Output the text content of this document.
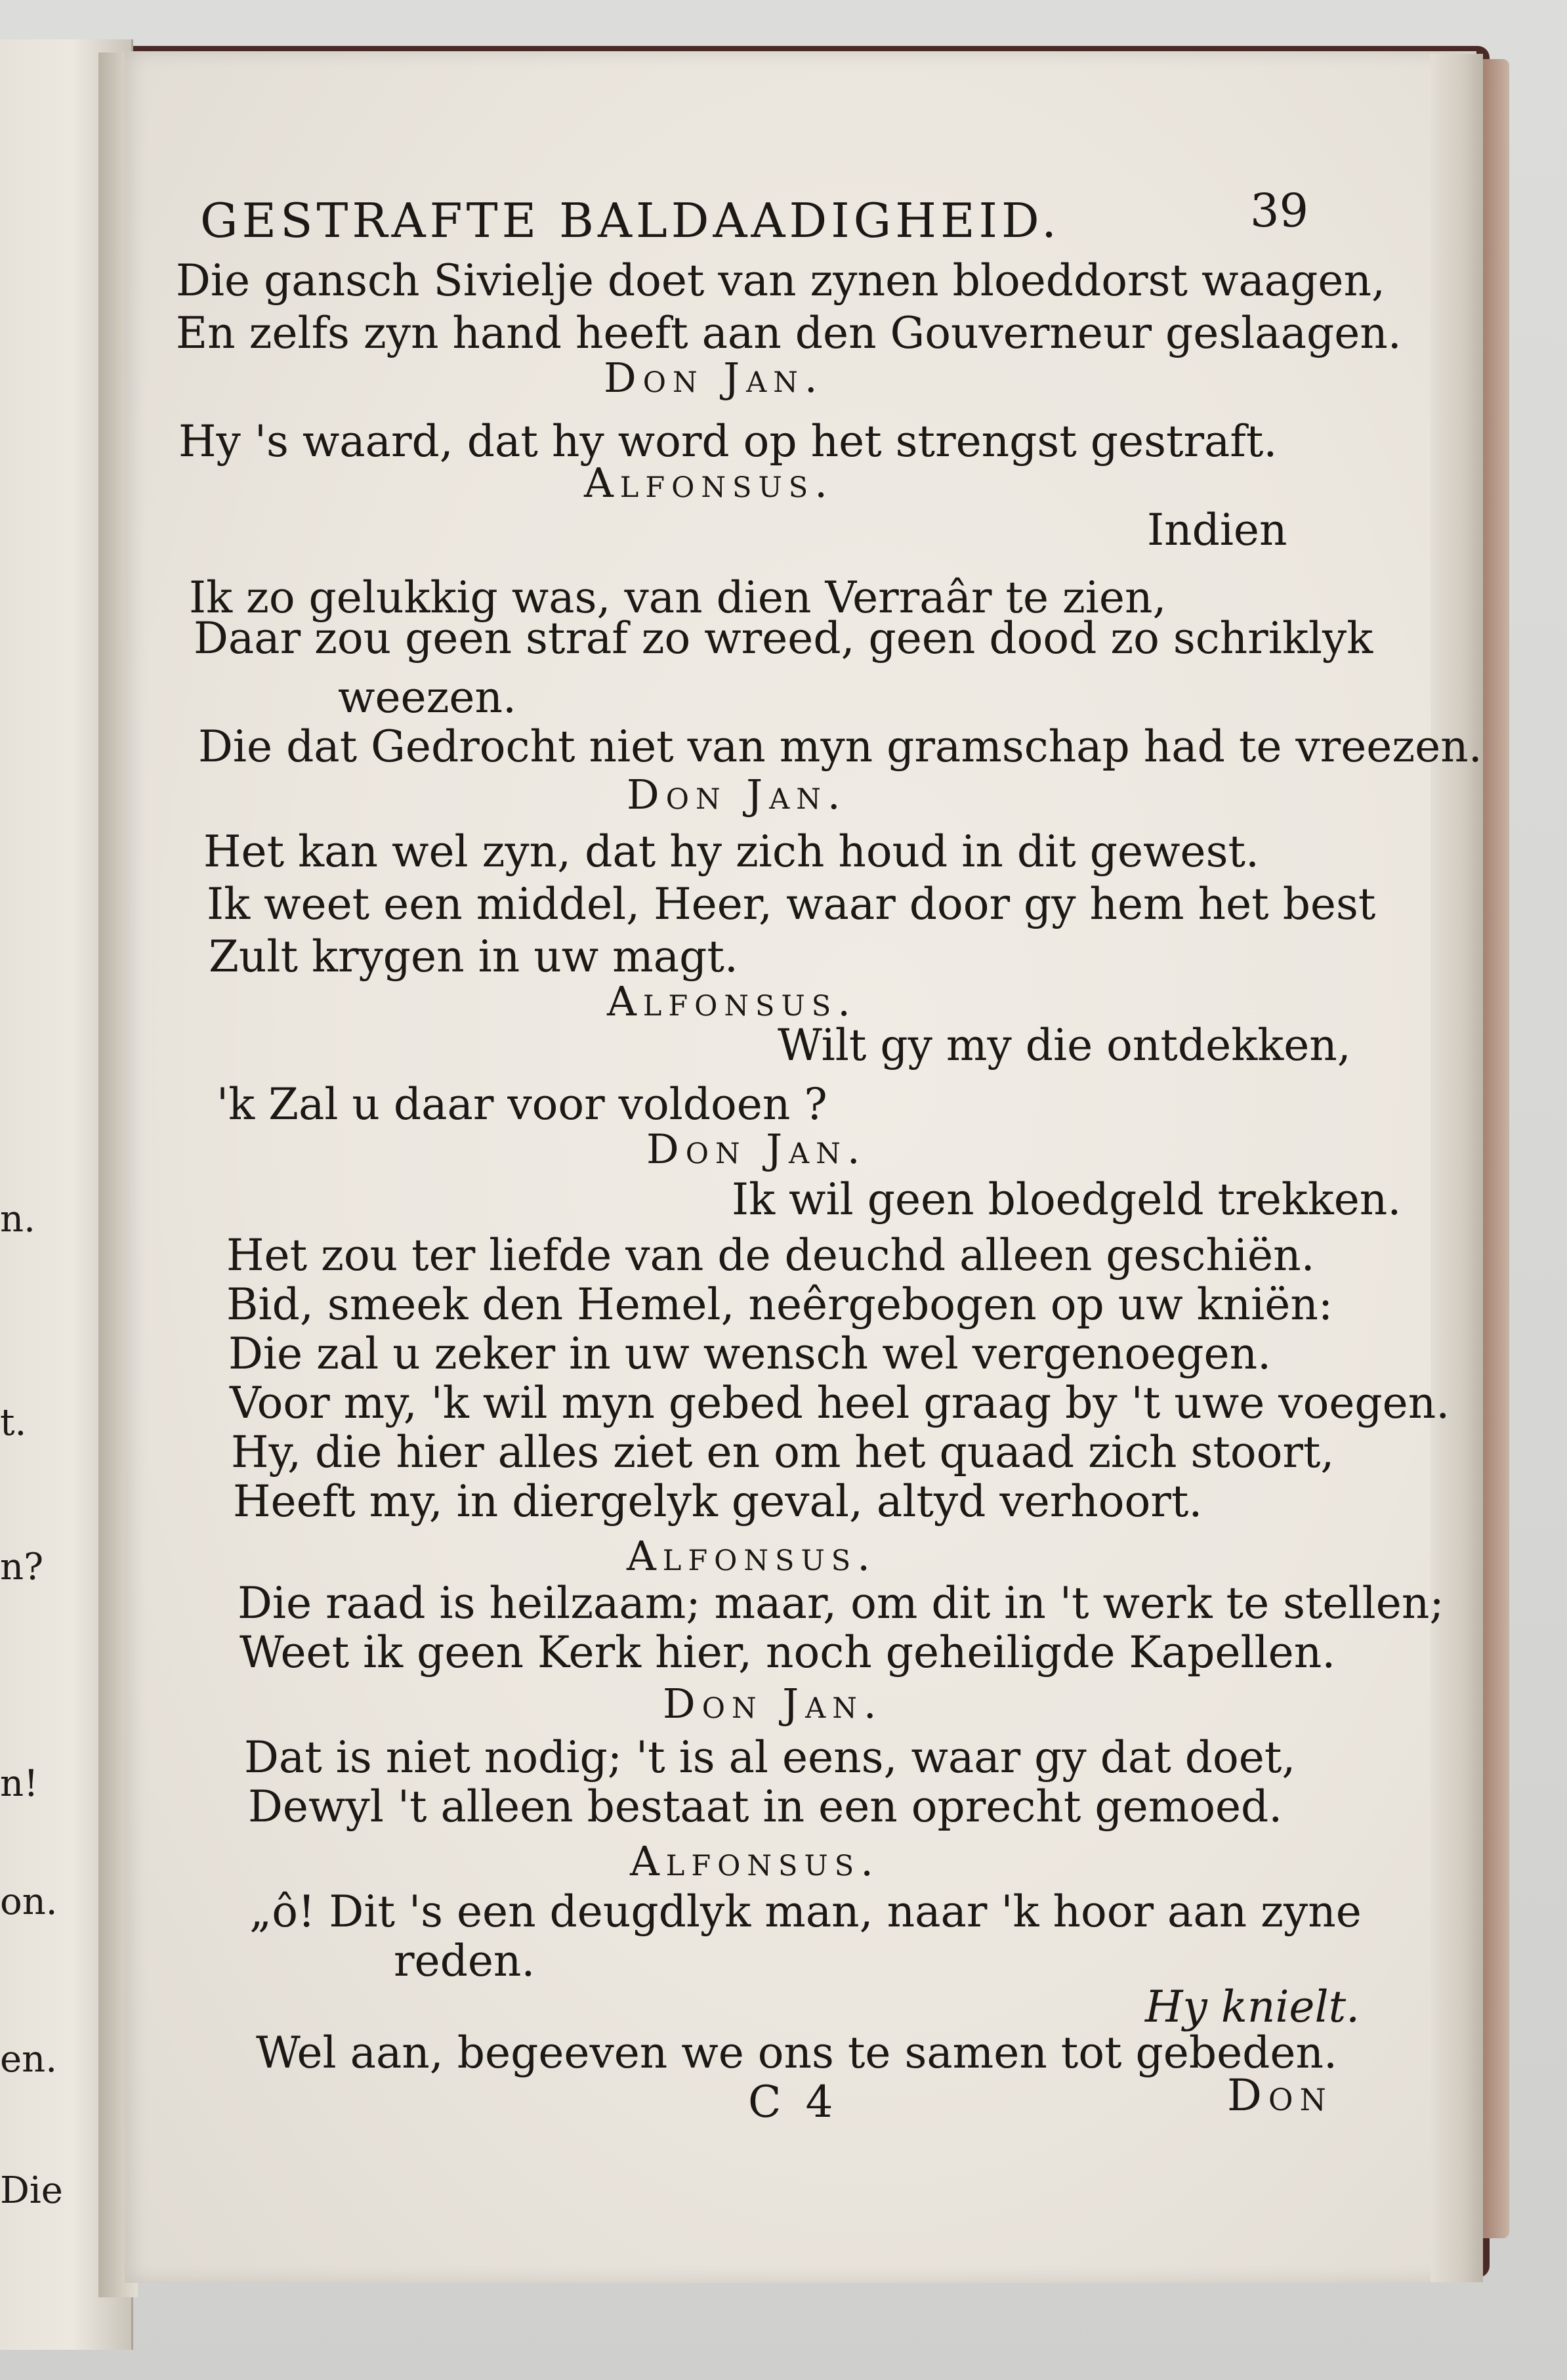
n.
t.
n?
n!
on.
en.
Die
GESTRAFTE BALDAADIGHEID.	39
Die gansch Sivielje doet van zynen bloeddorst waagen,
En zelfs zyn hand heeft aan den Gouverneur geslaagen.
Don Jan.
Hy 's waard, dat hy word op het strengst gestraft.
Alfonsus.
Indien
Ik zo gelukkig was, van dien Verraâr te zien,
Daar zou geen straf zo wreed, geen dood zo schriklyk
weezen.
Die dat Gedrocht niet van myn gramschap had te vreezen.
Don Jan.
Het kan wel zyn, dat hy zich houd in dit gewest.
Ik weet een middel, Heer, waar door gy hem het best
Zult krygen in uw magt.
Alfonsus.
Wilt gy my die ontdekken,
'k Zal u daar voor voldoen ?
Don Jan.
Ik wil geen bloedgeld trekken.
Het zou ter liefde van de deuchd alleen geschiën.
Bid, smeek den Hemel, neêrgebogen op uw kniën:
Die zal u zeker in uw wensch wel vergenoegen.
Voor my, 'k wil myn gebed heel graag by 't uwe voegen.
Hy, die hier alles ziet en om het quaad zich stoort,
Heeft my, in diergelyk geval, altyd verhoort.
Alfonsus.
Die raad is heilzaam; maar, om dit in 't werk te stellen;
Weet ik geen Kerk hier, noch geheiligde Kapellen.
Don Jan.
Dat is niet nodig; 't is al eens, waar gy dat doet,
Dewyl 't alleen bestaat in een oprecht gemoed.
Alfonsus.
„ô! Dit 's een deugdlyk man, naar 'k hoor aan zyne
reden.
Hy knielt.
Wel aan, begeeven we ons te samen tot gebeden.
C 4	Don
